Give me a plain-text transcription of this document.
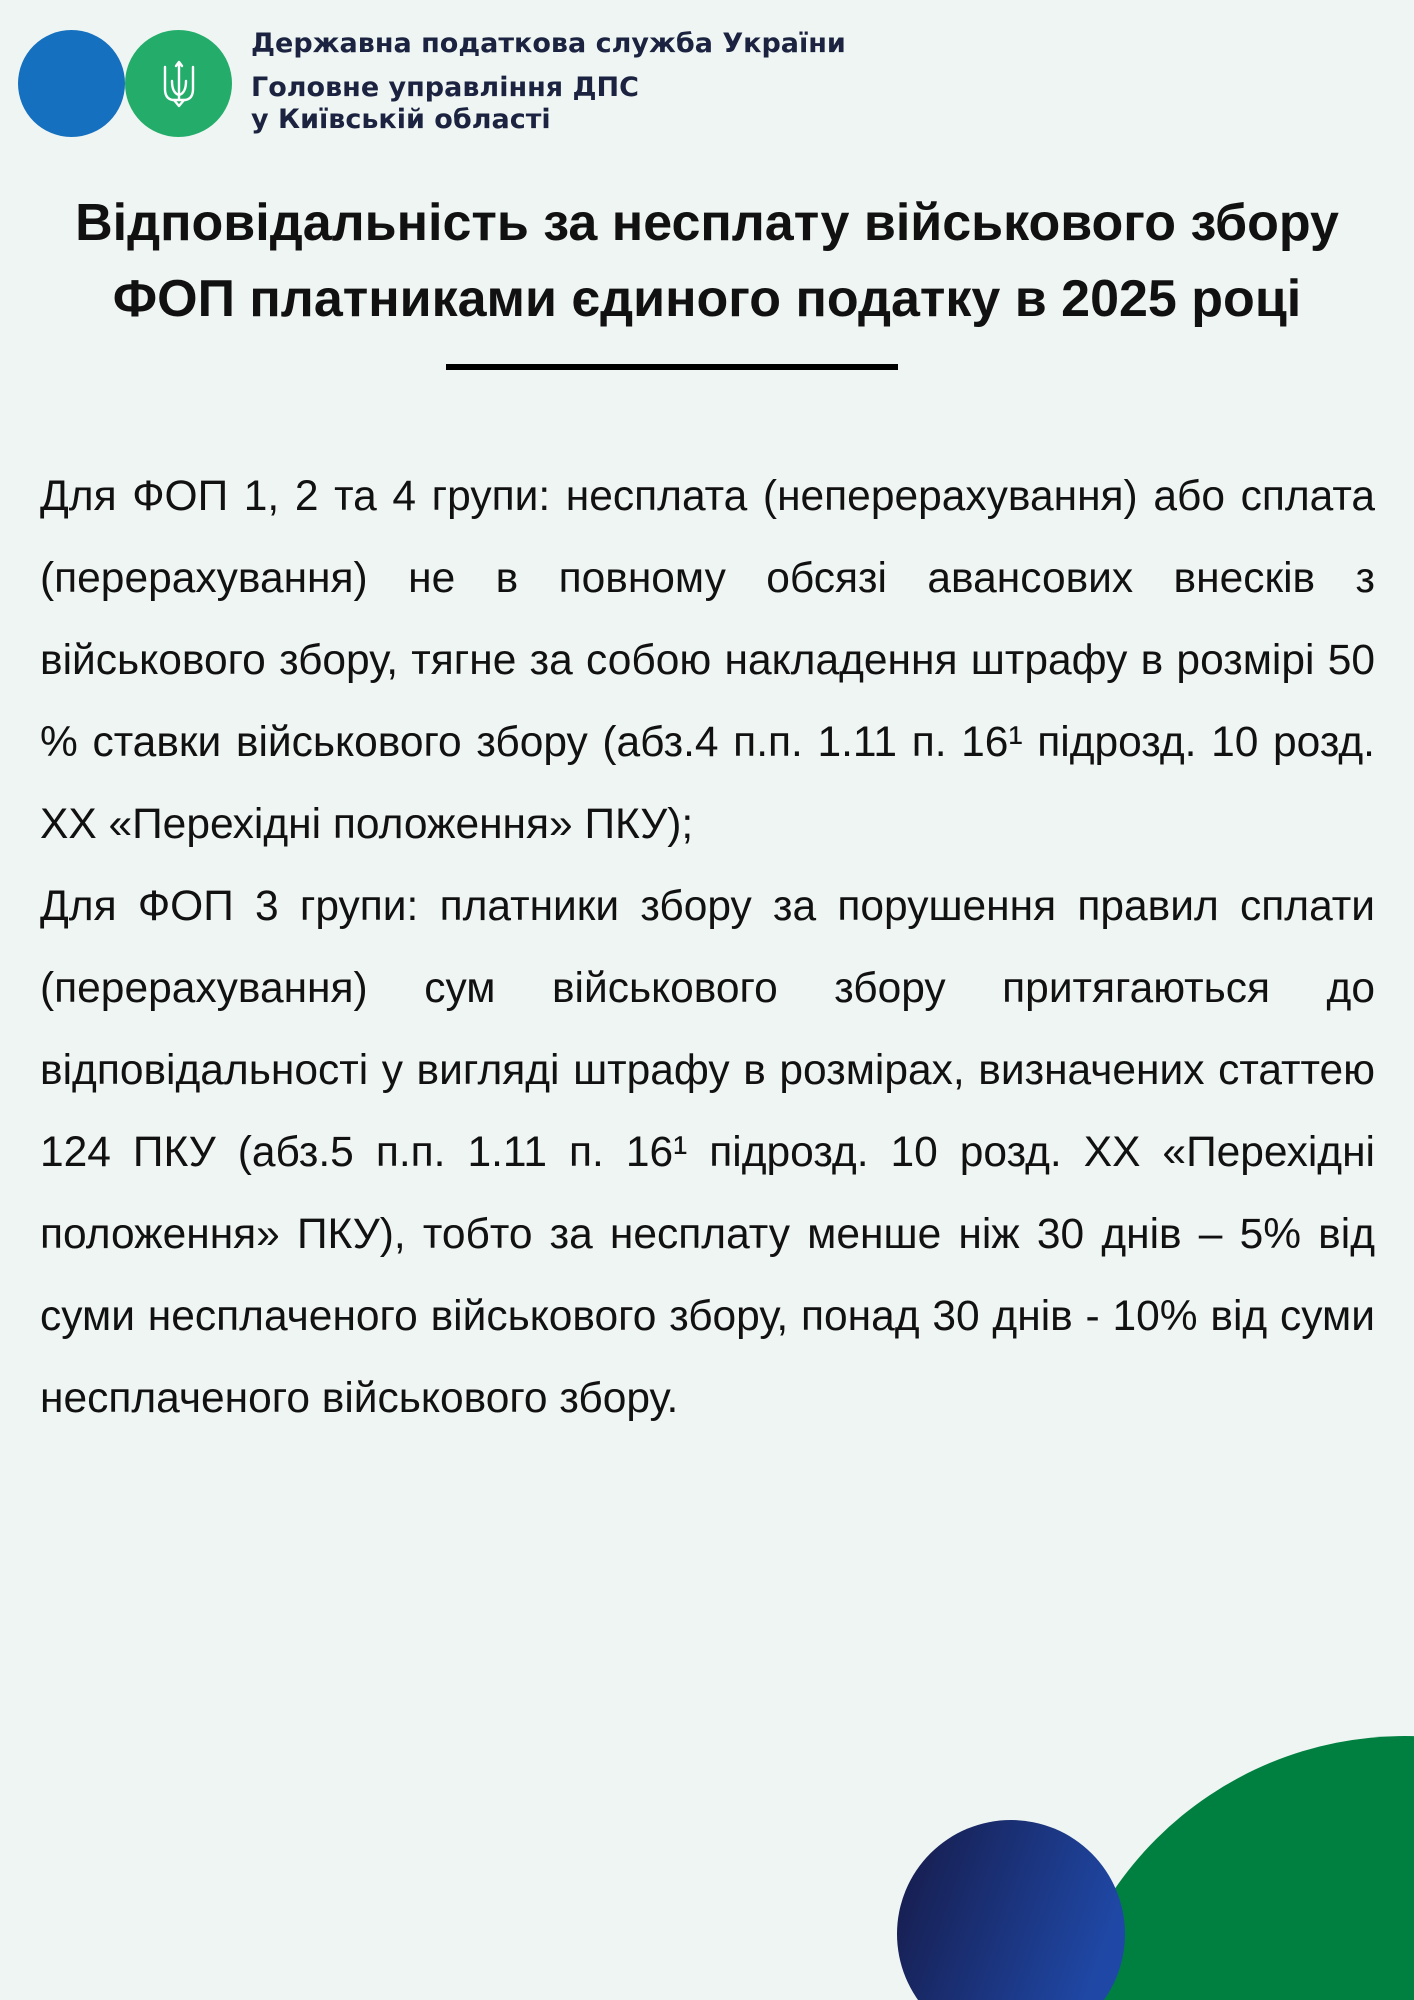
Державна податкова служба України
Головне управління ДПС
у Київській області
Відповідальність за несплату військового збору
ФОП платниками єдиного податку в 2025 році

Для ФОП 1, 2 та 4 групи: несплата (неперерахування) або сплата (перерахування) не в повному обсязі авансових внесків з військового збору, тягне за собою накладення штрафу в розмірі 50 % ставки військового збору (абз.4 п.п. 1.11 п. 16¹ підрозд. 10 розд. XX «Перехідні положення» ПКУ);

Для ФОП 3 групи: платники збору за порушення правил сплати (перерахування) сум військового збору притягаються до відповідальності у вигляді штрафу в розмірах, визначених статтею 124 ПКУ (абз.5 п.п. 1.11 п. 16¹ підрозд. 10 розд. XX «Перехідні положення» ПКУ), тобто за несплату менше ніж 30 днів – 5% від суми несплаченого військового збору, понад 30 днів - 10% від суми несплаченого військового збору.
